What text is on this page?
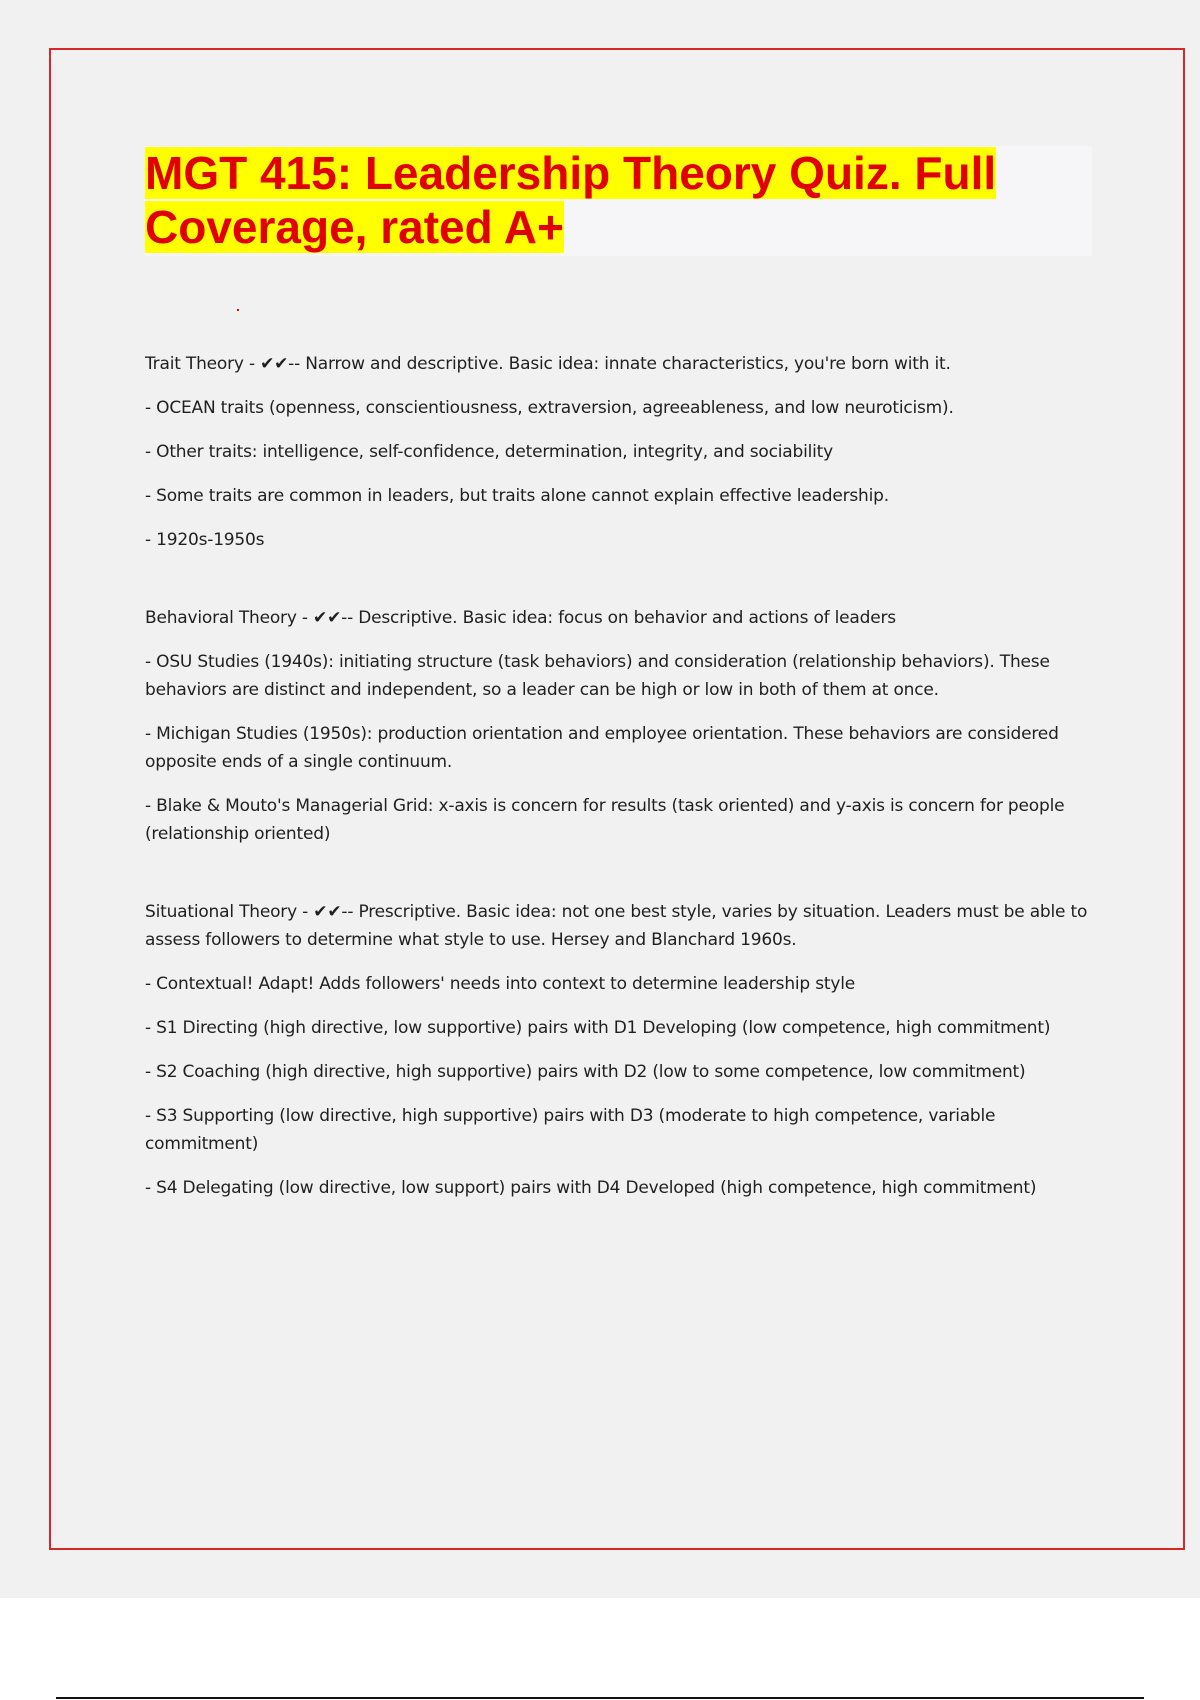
MGT 415: Leadership Theory Quiz. Full
Coverage, rated A+

Trait Theory - ✔✔-- Narrow and descriptive. Basic idea: innate characteristics, you're born with it.

- OCEAN traits (openness, conscientiousness, extraversion, agreeableness, and low neuroticism).

- Other traits: intelligence, self-confidence, determination, integrity, and sociability

- Some traits are common in leaders, but traits alone cannot explain effective leadership.

- 1920s-1950s

Behavioral Theory - ✔✔-- Descriptive. Basic idea: focus on behavior and actions of leaders

- OSU Studies (1940s): initiating structure (task behaviors) and consideration (relationship behaviors). These behaviors are distinct and independent, so a leader can be high or low in both of them at once.

- Michigan Studies (1950s): production orientation and employee orientation. These behaviors are considered opposite ends of a single continuum.

- Blake & Mouto's Managerial Grid: x-axis is concern for results (task oriented) and y-axis is concern for people (relationship oriented)

Situational Theory - ✔✔-- Prescriptive. Basic idea: not one best style, varies by situation. Leaders must be able to assess followers to determine what style to use. Hersey and Blanchard 1960s.

- Contextual! Adapt! Adds followers' needs into context to determine leadership style

- S1 Directing (high directive, low supportive) pairs with D1 Developing (low competence, high commitment)

- S2 Coaching (high directive, high supportive) pairs with D2 (low to some competence, low commitment)

- S3 Supporting (low directive, high supportive) pairs with D3 (moderate to high competence, variable commitment)

- S4 Delegating (low directive, low support) pairs with D4 Developed (high competence, high commitment)
